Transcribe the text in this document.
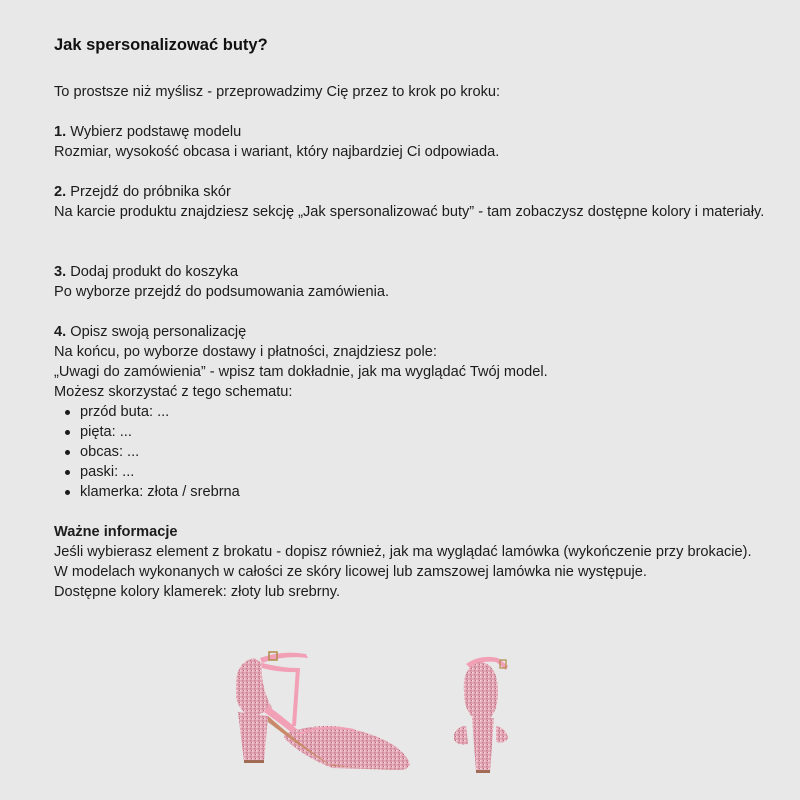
Jak spersonalizować buty?

To prostsze niż myślisz - przeprowadzimy Cię przez to krok po kroku:

1. Wybierz podstawę modelu

Rozmiar, wysokość obcasa i wariant, który najbardziej Ci odpowiada.

2. Przejdź do próbnika skór

Na karcie produktu znajdziesz sekcję „Jak spersonalizować buty” - tam zobaczysz dostępne kolory i materiały.

3. Dodaj produkt do koszyka

Po wyborze przejdź do podsumowania zamówienia.

4. Opisz swoją personalizację

Na końcu, po wyborze dostawy i płatności, znajdziesz pole:

„Uwagi do zamówienia” - wpisz tam dokładnie, jak ma wyglądać Twój model.

Możesz skorzystać z tego schematu:

przód buta: ...
pięta: ...
obcas: ...
paski: ...
klamerka: złota / srebrna

Ważne informacje

Jeśli wybierasz element z brokatu - dopisz również, jak ma wyglądać lamówka (wykończenie przy brokacie).

W modelach wykonanych w całości ze skóry licowej lub zamszowej lamówka nie występuje.

Dostępne kolory klamerek: złoty lub srebrny.
